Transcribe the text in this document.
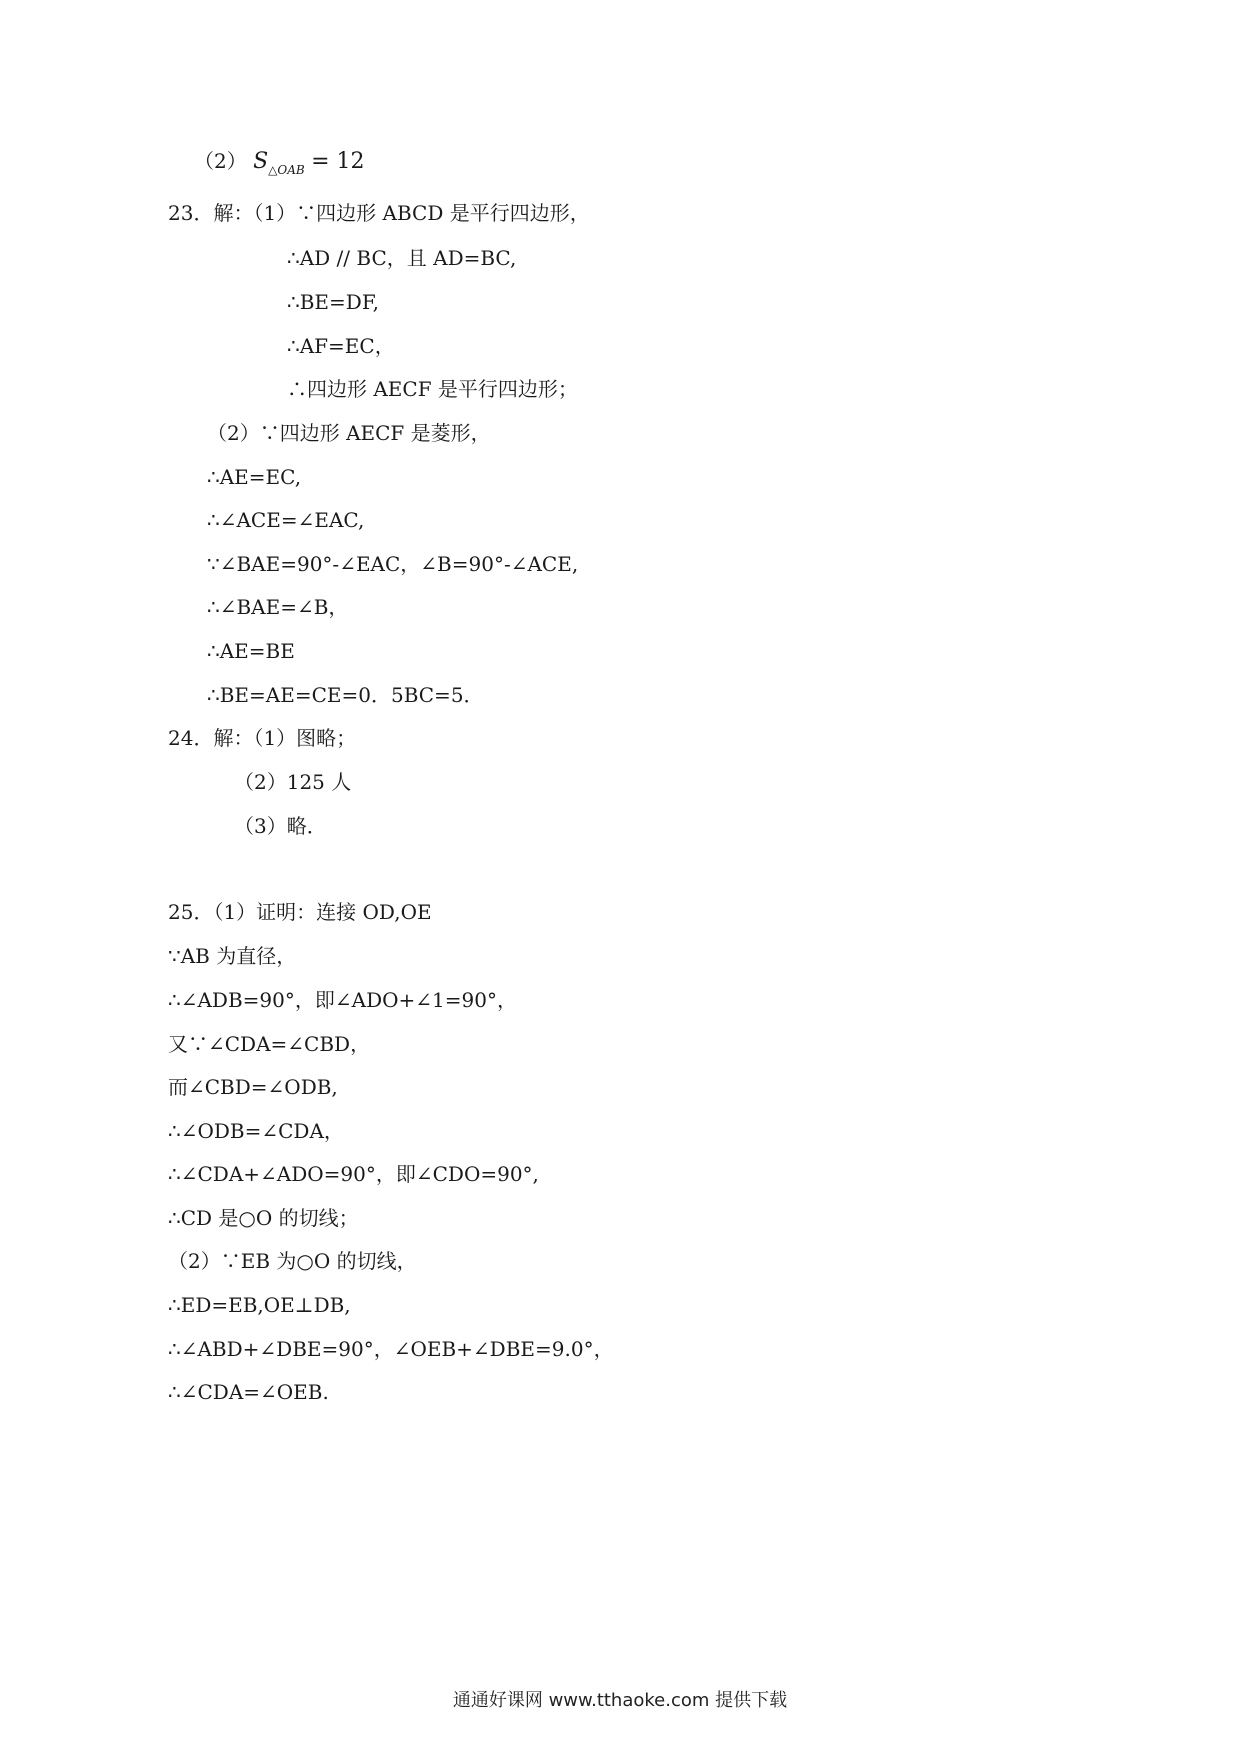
（2） $S_{\triangle OAB} = 12$
23．解：（1）∵四边形 ABCD 是平行四边形，
∴AD // BC，且 AD=BC,
∴BE=DF,
∴AF=EC，
∴四边形 AECF 是平行四边形；
（2）∵四边形 AECF 是菱形，
∴AE=EC,
∴∠ACE=∠EAC,
∵∠BAE=90°-∠EAC，∠B=90°-∠ACE,
∴∠BAE=∠B，
∴AE=BE
∴BE=AE=CE=0．5BC=5．
24．解：（1）图略；
（2）125 人
（3）略．
25．（1）证明：连接 OD,OE
∵AB 为直径，
∴∠ADB=90°，即∠ADO+∠1=90°，
又∵∠CDA=∠CBD，
而∠CBD=∠ODB,
∴∠ODB=∠CDA，
∴∠CDA+∠ADO=90°，即∠CDO=90°,
∴CD 是○O 的切线；
（2）∵EB 为○O 的切线，
∴ED=EB,OE⊥DB,
∴∠ABD+∠DBE=90°，∠OEB+∠DBE=9.0°，
∴∠CDA=∠OEB.
通通好课网 www.tthaoke.com 提供下载
